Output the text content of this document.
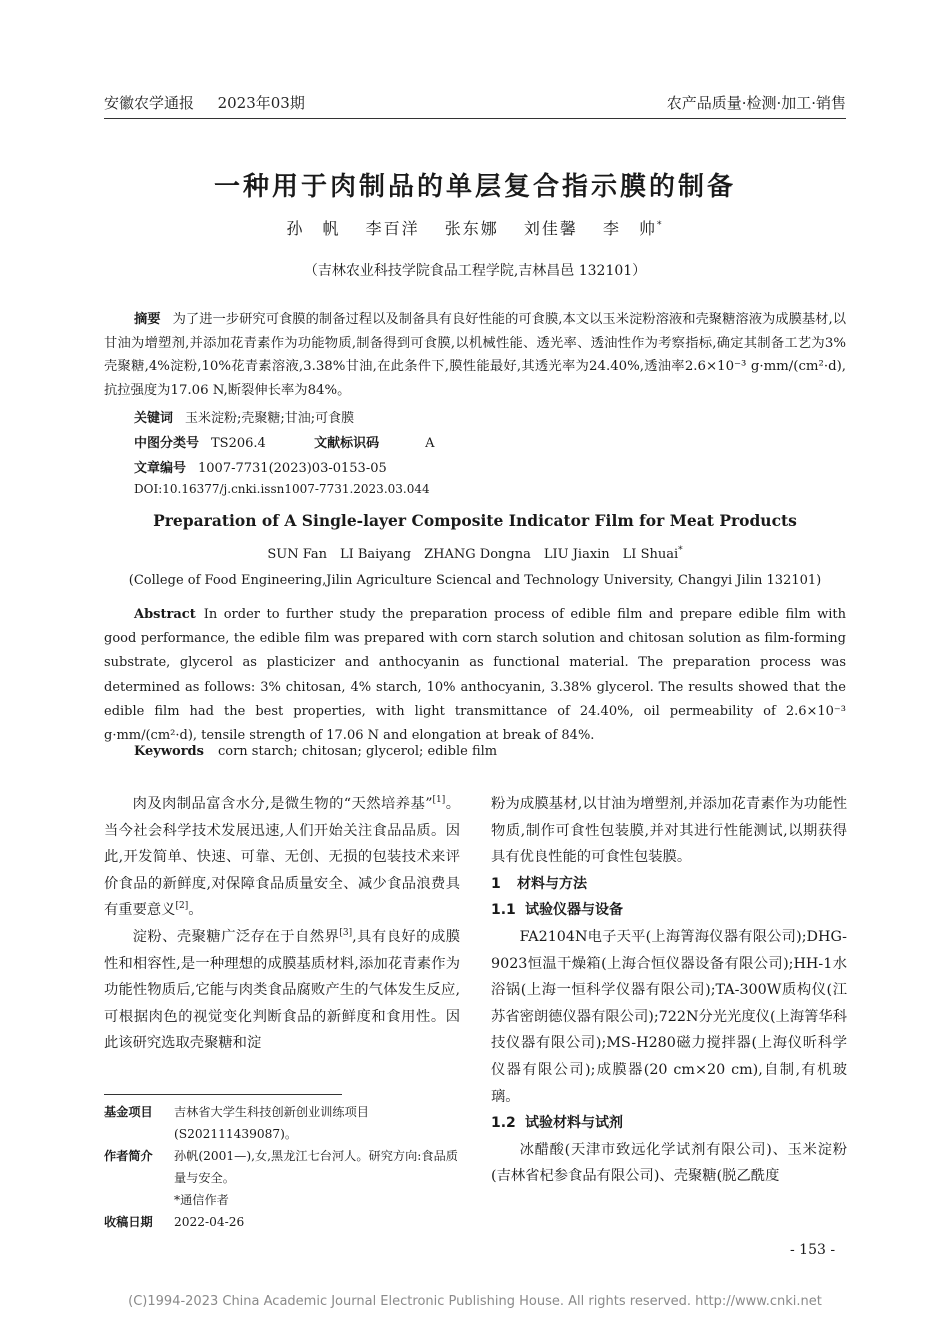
安徽农学通报 2023年03期	农产品质量·检测·加工·销售
一种用于肉制品的单层复合指示膜的制备
孙　帆 李百洋 张东娜 刘佳馨 李　帅*
（吉林农业科技学院食品工程学院,吉林昌邑 132101）
摘要 为了进一步研究可食膜的制备过程以及制备具有良好性能的可食膜,本文以玉米淀粉溶液和壳聚糖溶液为成膜基材,以甘油为增塑剂,并添加花青素作为功能物质,制备得到可食膜,以机械性能、透光率、透油性作为考察指标,确定其制备工艺为3%壳聚糖,4%淀粉,10%花青素溶液,3.38%甘油,在此条件下,膜性能最好,其透光率为24.40%,透油率2.6×10⁻³ g·mm/(cm²·d),抗拉强度为17.06 N,断裂伸长率为84%。
关键词 玉米淀粉;壳聚糖;甘油;可食膜
中图分类号 TS206.4	文献标识码	A
文章编号 1007-7731(2023)03-0153-05
DOI:10.16377/j.cnki.issn1007-7731.2023.03.044
Preparation of A Single-layer Composite Indicator Film for Meat Products
SUN Fan　LI Baiyang　ZHANG Dongna　LIU Jiaxin　LI Shuai*
(College of Food Engineering,Jilin Agriculture Sciencal and Technology University, Changyi Jilin 132101)
Abstract In order to further study the preparation process of edible film and prepare edible film with good performance, the edible film was prepared with corn starch solution and chitosan solution as film-forming substrate, glycerol as plasticizer and anthocyanin as functional material. The preparation process was determined as follows: 3% chitosan, 4% starch, 10% anthocyanin, 3.38% glycerol. The results showed that the edible film had the best properties, with light transmittance of 24.40%, oil permeability of 2.6×10⁻³ g·mm/(cm²·d), tensile strength of 17.06 N and elongation at break of 84%.
Keywords corn starch; chitosan; glycerol; edible film

肉及肉制品富含水分,是微生物的“天然培养基”[1]。当今社会科学技术发展迅速,人们开始关注食品品质。因此,开发简单、快速、可靠、无创、无损的包装技术来评价食品的新鲜度,对保障食品质量安全、减少食品浪费具有重要意义[2]。

淀粉、壳聚糖广泛存在于自然界[3],具有良好的成膜性和相容性,是一种理想的成膜基质材料,添加花青素作为功能性物质后,它能与肉类食品腐败产生的气体发生反应,可根据肉色的视觉变化判断食品的新鲜度和食用性。因此该研究选取壳聚糖和淀

基金项目 吉林省大学生科技创新创业训练项目(S202111439087)。
作者简介 孙帆(2001—),女,黑龙江七台河人。研究方向:食品质量与安全。
*通信作者
收稿日期 2022-04-26

粉为成膜基材,以甘油为增塑剂,并添加花青素作为功能性物质,制作可食性包装膜,并对其进行性能测试,以期获得具有优良性能的可食性包装膜。

1 材料与方法

1.1 试验仪器与设备

FA2104N电子天平(上海箐海仪器有限公司);DHG-9023恒温干燥箱(上海合恒仪器设备有限公司);HH-1水浴锅(上海一恒科学仪器有限公司);TA-300W质构仪(江苏省密朗德仪器有限公司);722N分光光度仪(上海箐华科技仪器有限公司);MS-H280磁力搅拌器(上海仪昕科学仪器有限公司);成膜器(20 cm×20 cm),自制,有机玻璃。

1.2 试验材料与试剂

冰醋酸(天津市致远化学试剂有限公司)、玉米淀粉(吉林省杞参食品有限公司)、壳聚糖(脱乙酰度

- 153 -
(C)1994-2023 China Academic Journal Electronic Publishing House. All rights reserved. http://www.cnki.net
